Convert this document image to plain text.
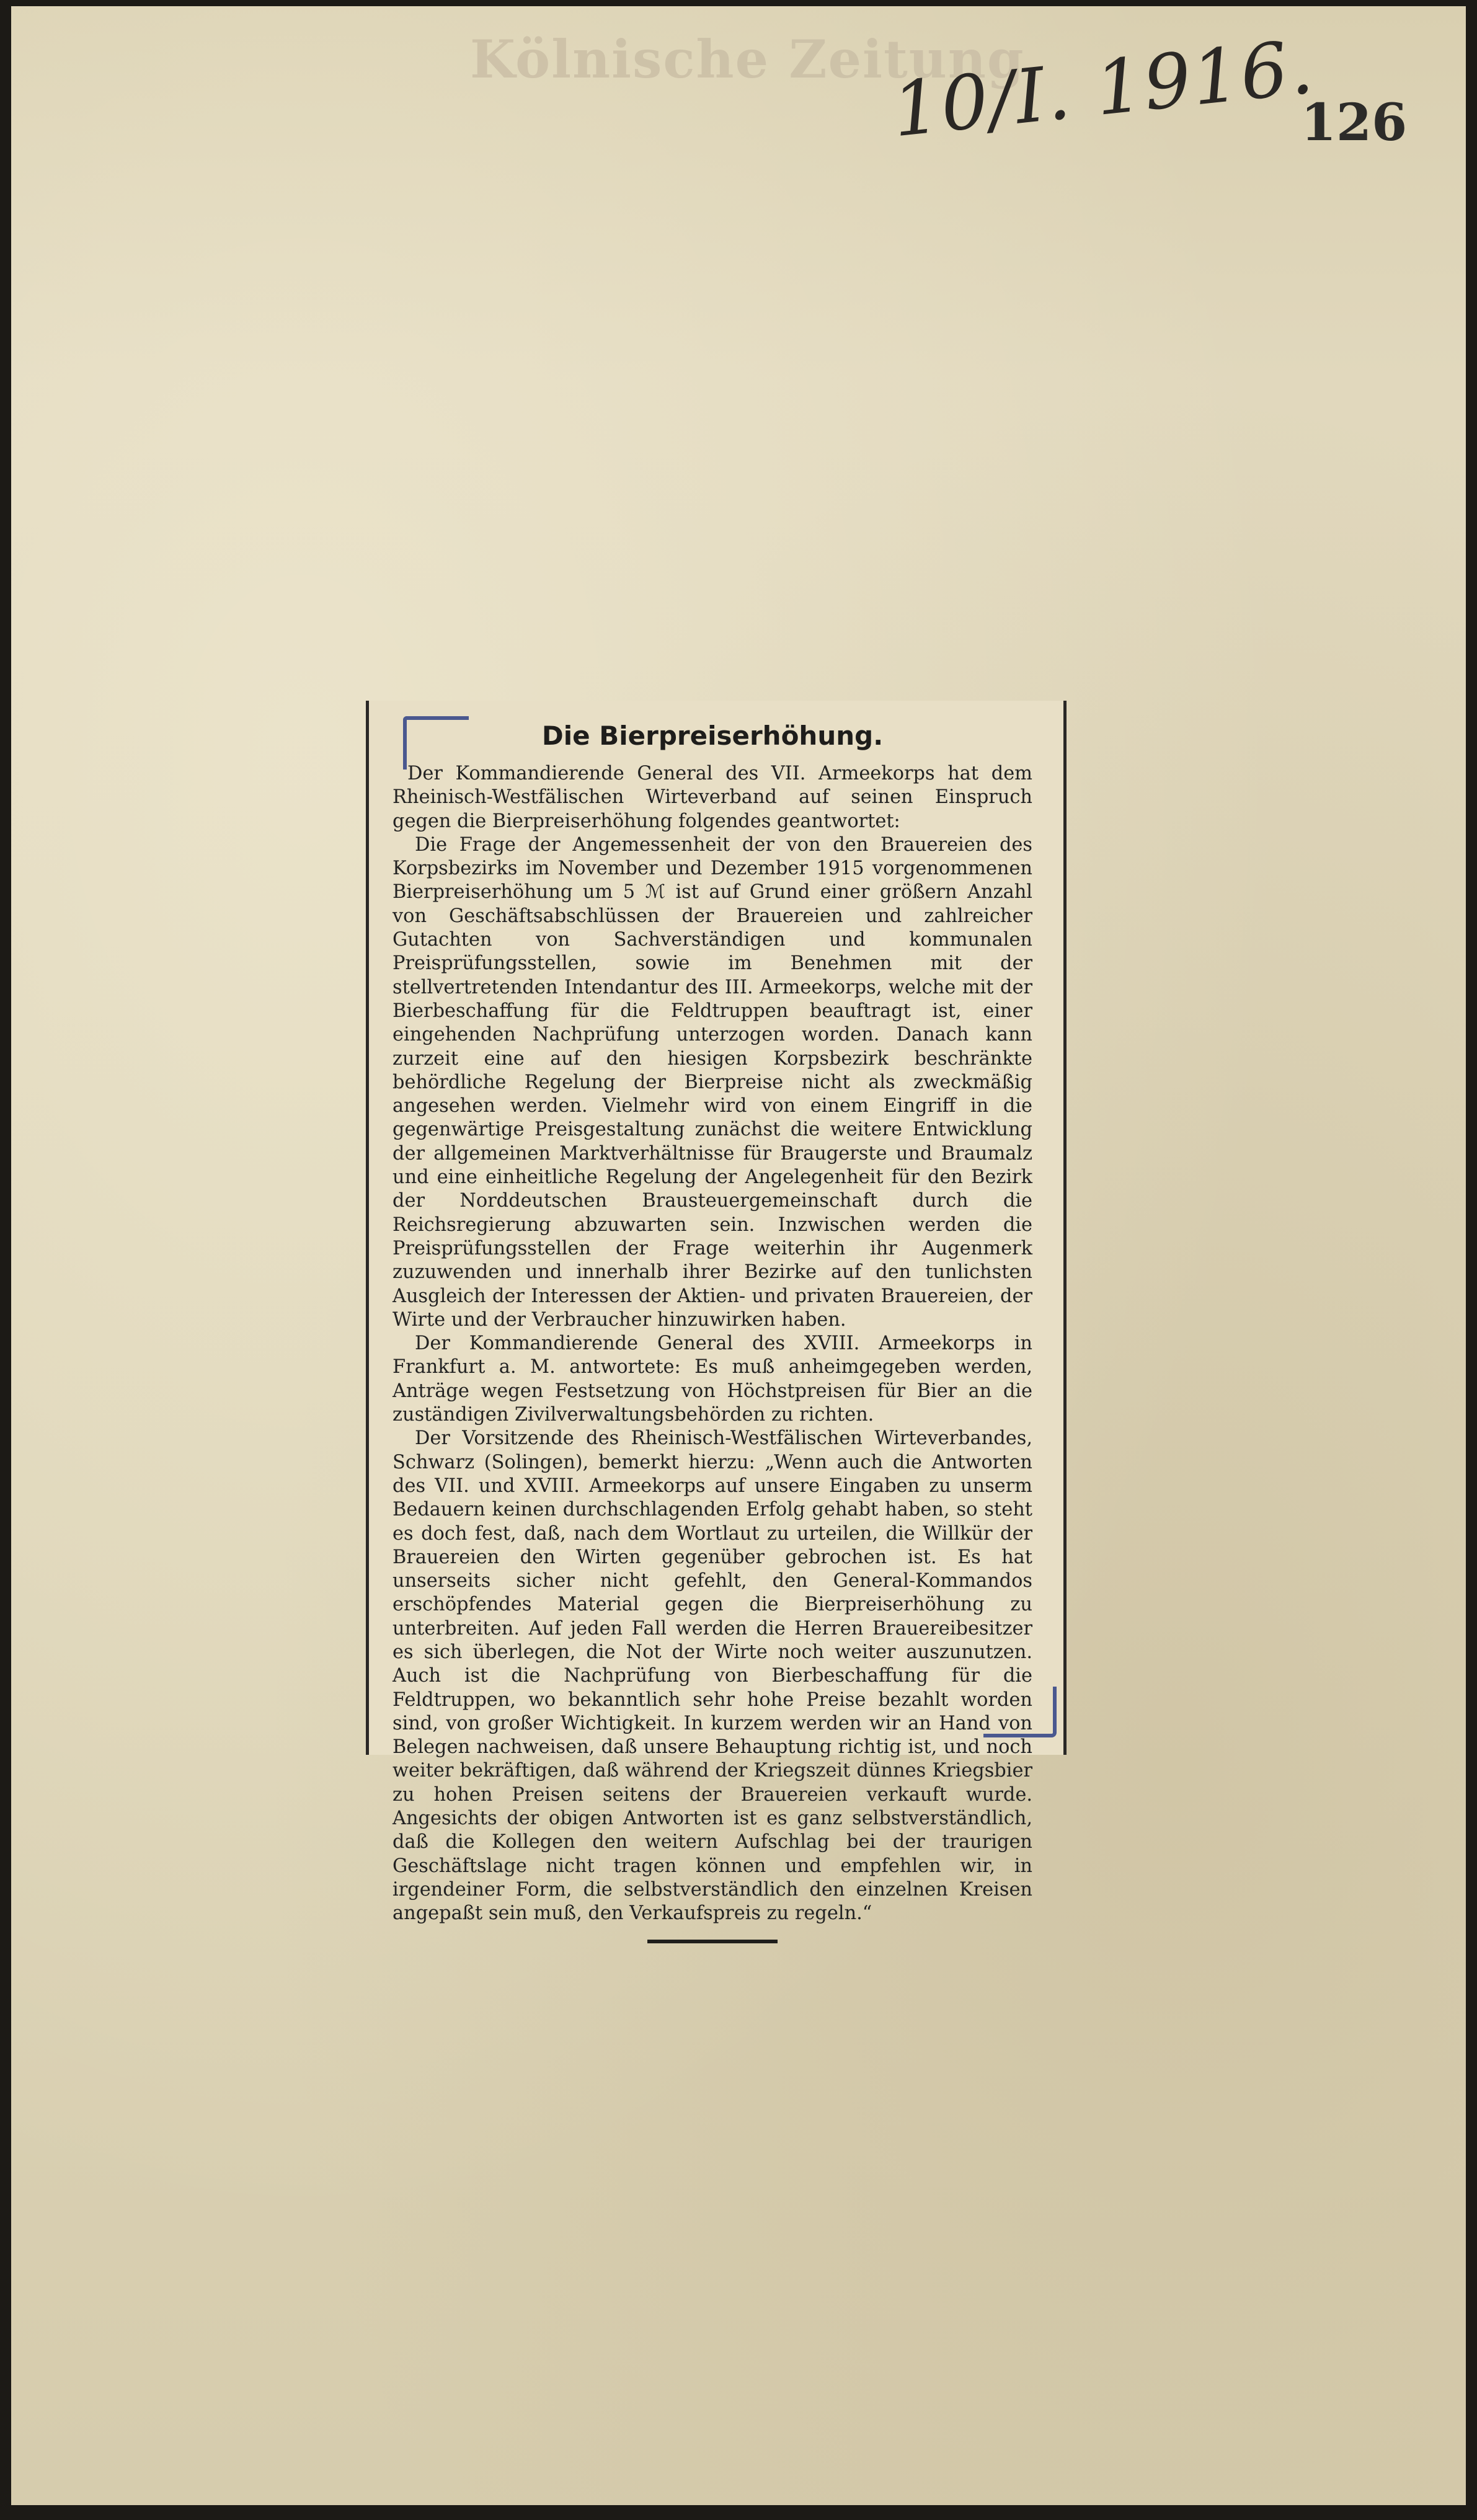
Kölnische Zeitung
10/I. 1916.
126
Die Bierpreiserhöhung.

Der Kommandierende General des VII. Armeekorps hat dem Rheinisch-Westfälischen Wirteverband auf seinen Einspruch gegen die Bierpreiserhöhung folgendes geantwortet:

Die Frage der Angemessenheit der von den Brauereien des Korpsbezirks im November und Dezember 1915 vorgenommenen Bierpreiserhöhung um 5 ℳ ist auf Grund einer größern Anzahl von Geschäftsabschlüssen der Brauereien und zahlreicher Gutachten von Sachverständigen und kommunalen Preisprüfungsstellen, sowie im Benehmen mit der stellvertretenden Intendantur des III. Armeekorps, welche mit der Bierbeschaffung für die Feldtruppen beauftragt ist, einer eingehenden Nachprüfung unterzogen worden. Danach kann zurzeit eine auf den hiesigen Korpsbezirk beschränkte behördliche Regelung der Bierpreise nicht als zweckmäßig angesehen werden. Vielmehr wird von einem Eingriff in die gegenwärtige Preisgestaltung zunächst die weitere Entwicklung der allgemeinen Marktverhältnisse für Braugerste und Braumalz und eine einheitliche Regelung der Angelegenheit für den Bezirk der Norddeutschen Brausteuergemeinschaft durch die Reichsregierung abzuwarten sein. Inzwischen werden die Preisprüfungsstellen der Frage weiterhin ihr Augenmerk zuzuwenden und innerhalb ihrer Bezirke auf den tunlichsten Ausgleich der Interessen der Aktien- und privaten Brauereien, der Wirte und der Verbraucher hinzuwirken haben.

Der Kommandierende General des XVIII. Armeekorps in Frankfurt a. M. antwortete: Es muß anheimgegeben werden, Anträge wegen Festsetzung von Höchstpreisen für Bier an die zuständigen Zivilverwaltungsbehörden zu richten.

Der Vorsitzende des Rheinisch-Westfälischen Wirteverbandes, Schwarz (Solingen), bemerkt hierzu: „Wenn auch die Antworten des VII. und XVIII. Armeekorps auf unsere Eingaben zu unserm Bedauern keinen durchschlagenden Erfolg gehabt haben, so steht es doch fest, daß, nach dem Wortlaut zu urteilen, die Willkür der Brauereien den Wirten gegenüber gebrochen ist. Es hat unserseits sicher nicht gefehlt, den General-Kommandos erschöpfendes Material gegen die Bierpreiserhöhung zu unterbreiten. Auf jeden Fall werden die Herren Brauereibesitzer es sich überlegen, die Not der Wirte noch weiter auszunutzen. Auch ist die Nachprüfung von Bierbeschaffung für die Feldtruppen, wo bekanntlich sehr hohe Preise bezahlt worden sind, von großer Wichtigkeit. In kurzem werden wir an Hand von Belegen nachweisen, daß unsere Behauptung richtig ist, und noch weiter bekräftigen, daß während der Kriegszeit dünnes Kriegsbier zu hohen Preisen seitens der Brauereien verkauft wurde. Angesichts der obigen Antworten ist es ganz selbstverständlich, daß die Kollegen den weitern Aufschlag bei der traurigen Geschäftslage nicht tragen können und empfehlen wir, in irgendeiner Form, die selbstverständlich den einzelnen Kreisen angepaßt sein muß, den Verkaufspreis zu regeln.“
